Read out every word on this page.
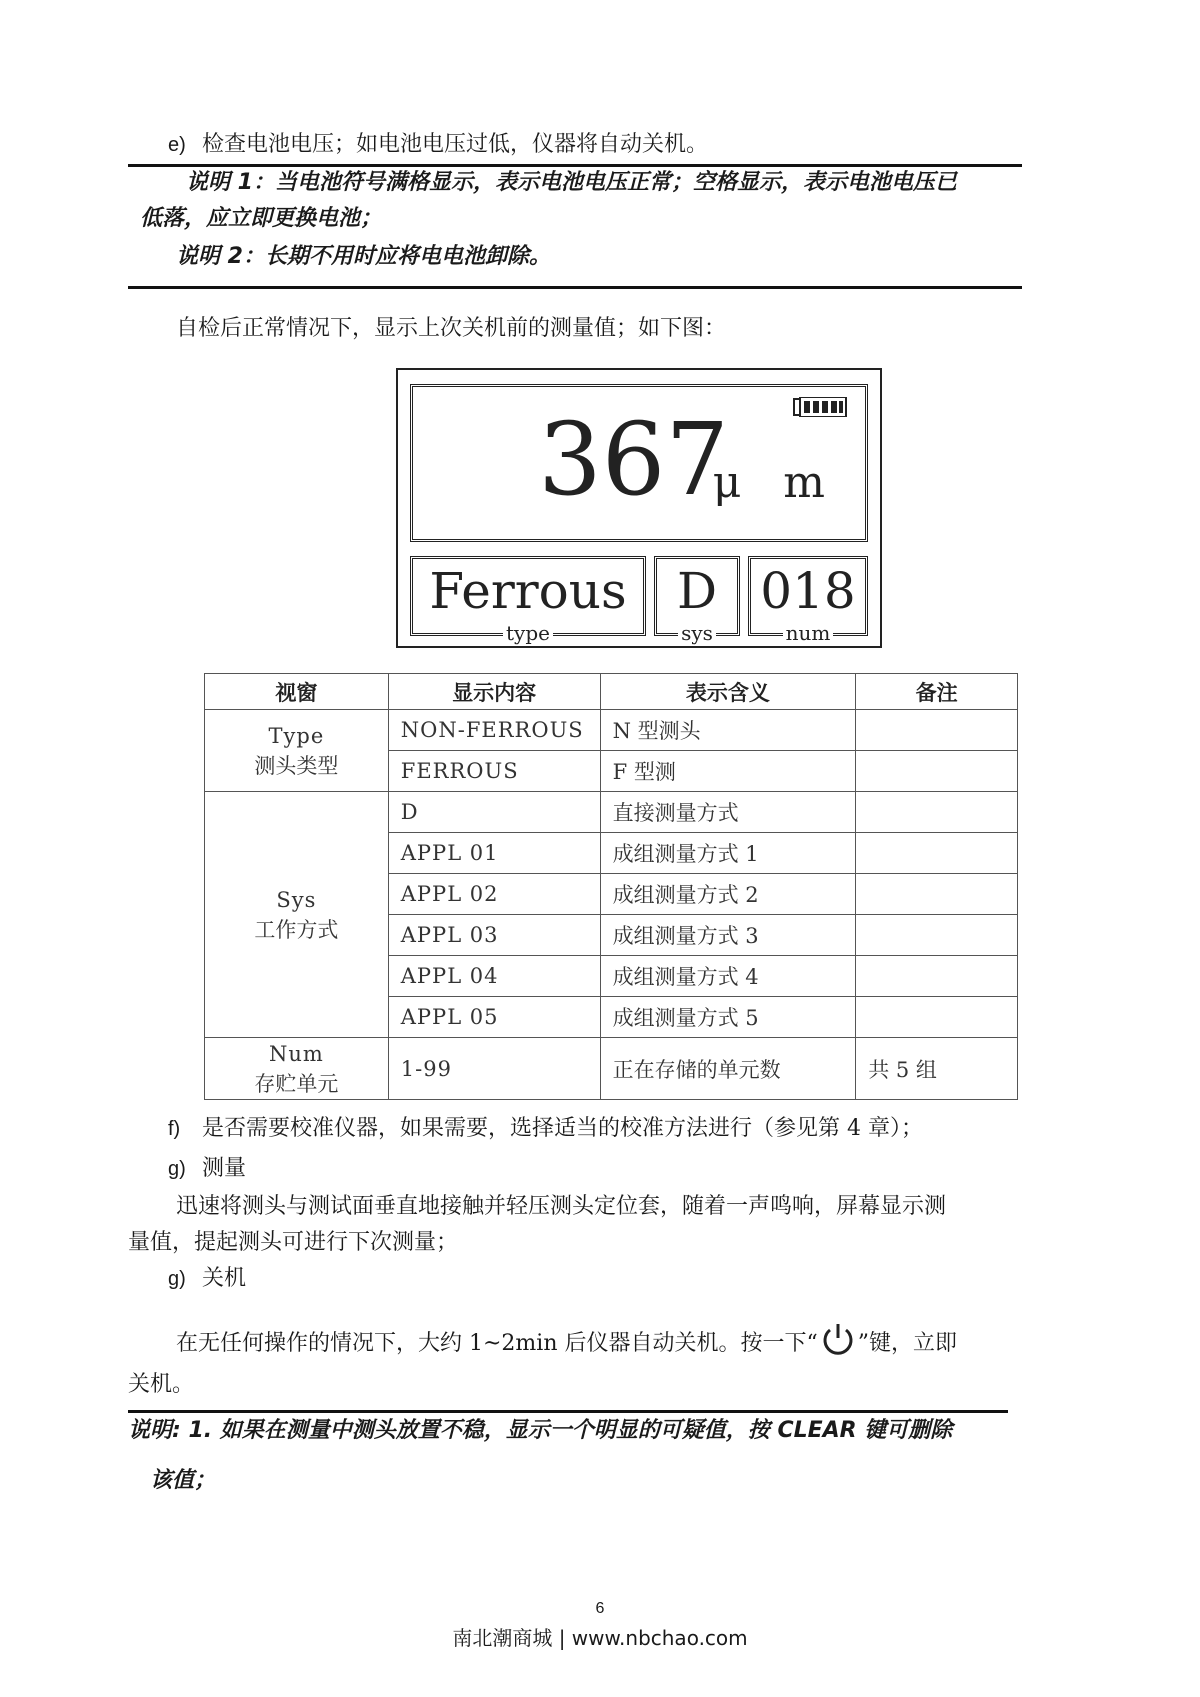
e) 检查电池电压；如电池电压过低，仪器将自动关机。
说明 1：当电池符号满格显示，表示电池电压正常；空格显示，表示电池电压已
低落，应立即更换电池；
说明 2：长期不用时应将电电池卸除。
自检后正常情况下，显示上次关机前的测量值；如下图：
367
μ m
Ferrous
type
D
sys
018
num
视窗	显示内容	表示含义	备注

Type
测头类型	NON-FERROUS	N 型测头	
	FERROUS	F 型测	

Sys
工作方式	D	直接测量方式	
	APPL 01	成组测量方式 1	
	APPL 02	成组测量方式 2	
	APPL 03	成组测量方式 3	
	APPL 04	成组测量方式 4	
	APPL 05	成组测量方式 5	

Num
存贮单元	1-99	正在存储的单元数	共 5 组
f) 是否需要校准仪器，如果需要，选择适当的校准方法进行（参见第 4 章）；
g) 测量
迅速将测头与测试面垂直地接触并轻压测头定位套，随着一声鸣响，屏幕显示测
量值，提起测头可进行下次测量；
g) 关机
在无任何操作的情况下，大约 1~2min 后仪器自动关机。按一下“ ”键，立即
关机。
说明: 1. 如果在测量中测头放置不稳，显示一个明显的可疑值，按 CLEAR 键可删除
该值；
6
南北潮商城 | www.nbchao.com
